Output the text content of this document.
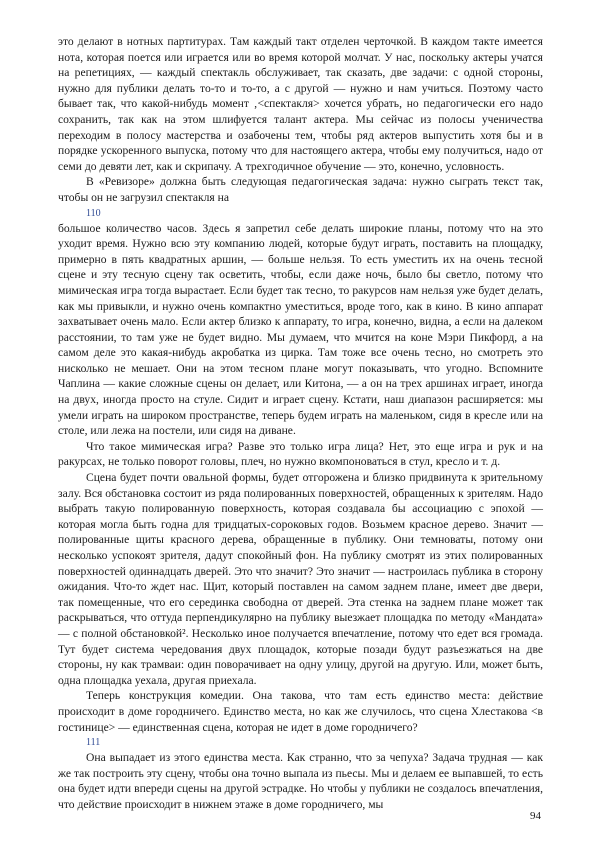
это делают в нотных партитурах. Там каждый такт отделен черточкой. В каждом такте имеется нота, которая поется или играется или во время которой молчат. У нас, поскольку актеры учатся на репетициях, — каждый спектакль обслуживает, так сказать, две задачи: с одной стороны, нужно для публики делать то-то и то-то, а с другой — нужно и нам учиться. Поэтому часто бывает так, что какой-нибудь момент ‚<спектакля> хочется убрать, но педагогически его надо сохранить, так как на этом шлифуется талант актера. Мы сейчас из полосы ученичества переходим в полосу мастерства и озабочены тем, чтобы ряд актеров выпустить хотя бы и в порядке ускоренного выпуска, потому что для настоящего актера, чтобы ему получиться, надо от семи до девяти лет, как и скрипачу. А трехгодичное обучение — это, конечно, условность.

В «Ревизоре» должна быть следующая педагогическая задача: нужно сыграть текст так, чтобы он не загрузил спектакля на

110

большое количество часов. Здесь я запретил себе делать широкие планы, потому что на это уходит время. Нужно всю эту компанию людей, которые будут играть, поставить на площадку, примерно в пять квадратных аршин, — больше нельзя. То есть уместить их на очень тесной сцене и эту тесную сцену так осветить, чтобы, если даже ночь, было бы светло, потому что мимическая игра тогда вырастает. Если будет так тесно, то ракурсов нам нельзя уже будет делать, как мы привыкли, и нужно очень компактно уместиться, вроде того, как в кино. В кино аппарат захватывает очень мало. Если актер близко к аппарату, то игра, конечно, видна, а если на далеком расстоянии, то там уже не будет видно. Мы думаем, что мчится на коне Мэри Пикфорд, а на самом деле это какая-нибудь акробатка из цирка. Там тоже все очень тесно, но смотреть это нисколько не мешает. Они на этом тесном плане могут показывать, что угодно. Вспомните Чаплина — какие сложные сцены он делает, или Китона, — а он на трех аршинах играет, иногда на двух, иногда просто на стуле. Сидит и играет сцену. Кстати, наш диапазон расширяется: мы умели играть на широком пространстве, теперь будем играть на маленьком, сидя в кресле или на столе, или лежа на постели, или сидя на диване.

Что такое мимическая игра? Разве это только игра лица? Нет, это еще игра и рук и на ракурсах, не только поворот головы, плеч, но нужно вкомпоноваться в стул, кресло и т. д.

Сцена будет почти овальной формы, будет отгорожена и близко придвинута к зрительному залу. Вся обстановка состоит из ряда полированных поверхностей, обращенных к зрителям. Надо выбрать такую полированную поверхность, которая создавала бы ассоциацию с эпохой — которая могла быть годна для тридцатых-сороковых годов. Возьмем красное дерево. Значит — полированные щиты красного дерева, обращенные в публику. Они темноваты, потому они несколько успокоят зрителя, дадут спокойный фон. На публику смотрят из этих полированных поверхностей одиннадцать дверей. Это что значит? Это значит — настроилась публика в сторону ожидания. Что-то ждет нас. Щит, который поставлен на самом заднем плане, имеет две двери, так помещенные, что его серединка свободна от дверей. Эта стенка на заднем плане может так раскрываться, что оттуда перпендикулярно на публику выезжает площадка по методу «Мандата» — с полной обстановкой². Несколько иное получается впечатление, потому что едет вся громада. Тут будет система чередования двух площадок, которые позади будут разъезжаться на две стороны, ну как трамваи: один поворачивает на одну улицу, другой на другую. Или, может быть, одна площадка уехала, другая приехала.

Теперь конструкция комедии. Она такова, что там есть единство места: действие происходит в доме городничего. Единство места, но как же случилось, что сцена Хлестакова <в гостинице> — единственная сцена, которая не идет в доме городничего?

111

Она выпадает из этого единства места. Как странно, что за чепуха? Задача трудная — как же так построить эту сцену, чтобы она точно выпала из пьесы. Мы и делаем ее выпавшей, то есть она будет идти впереди сцены на другой эстрадке. Но чтобы у публики не создалось впечатления, что действие происходит в нижнем этаже в доме городничего, мы

94
